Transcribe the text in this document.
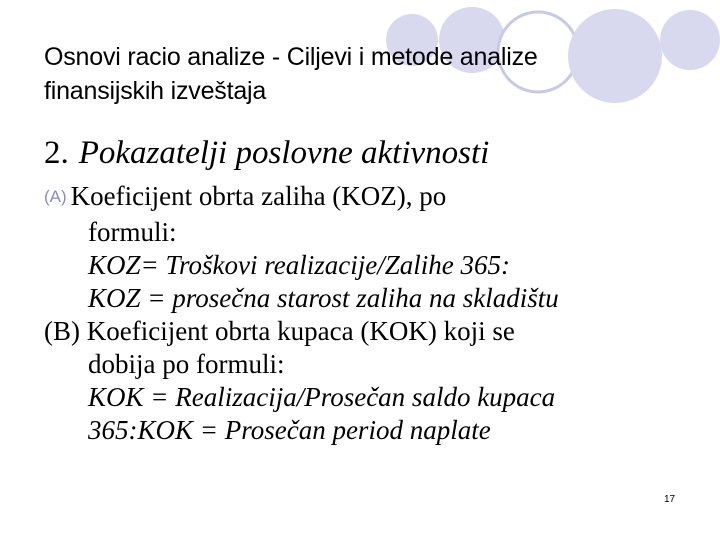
Osnovi racio analize - Ciljevi i metode analize
finansijskih izveštaja
2. Pokazatelji poslovne aktivnosti
(A) Koeficijent obrta zaliha (KOZ), po
formuli:
KOZ= Troškovi realizacije/Zalihe 365:
KOZ = prosečna starost zaliha na skladištu
(B) Koeficijent obrta kupaca (KOK) koji se
dobija po formuli:
KOK = Realizacija/Prosečan saldo kupaca
365:KOK = Prosečan period naplate
17
